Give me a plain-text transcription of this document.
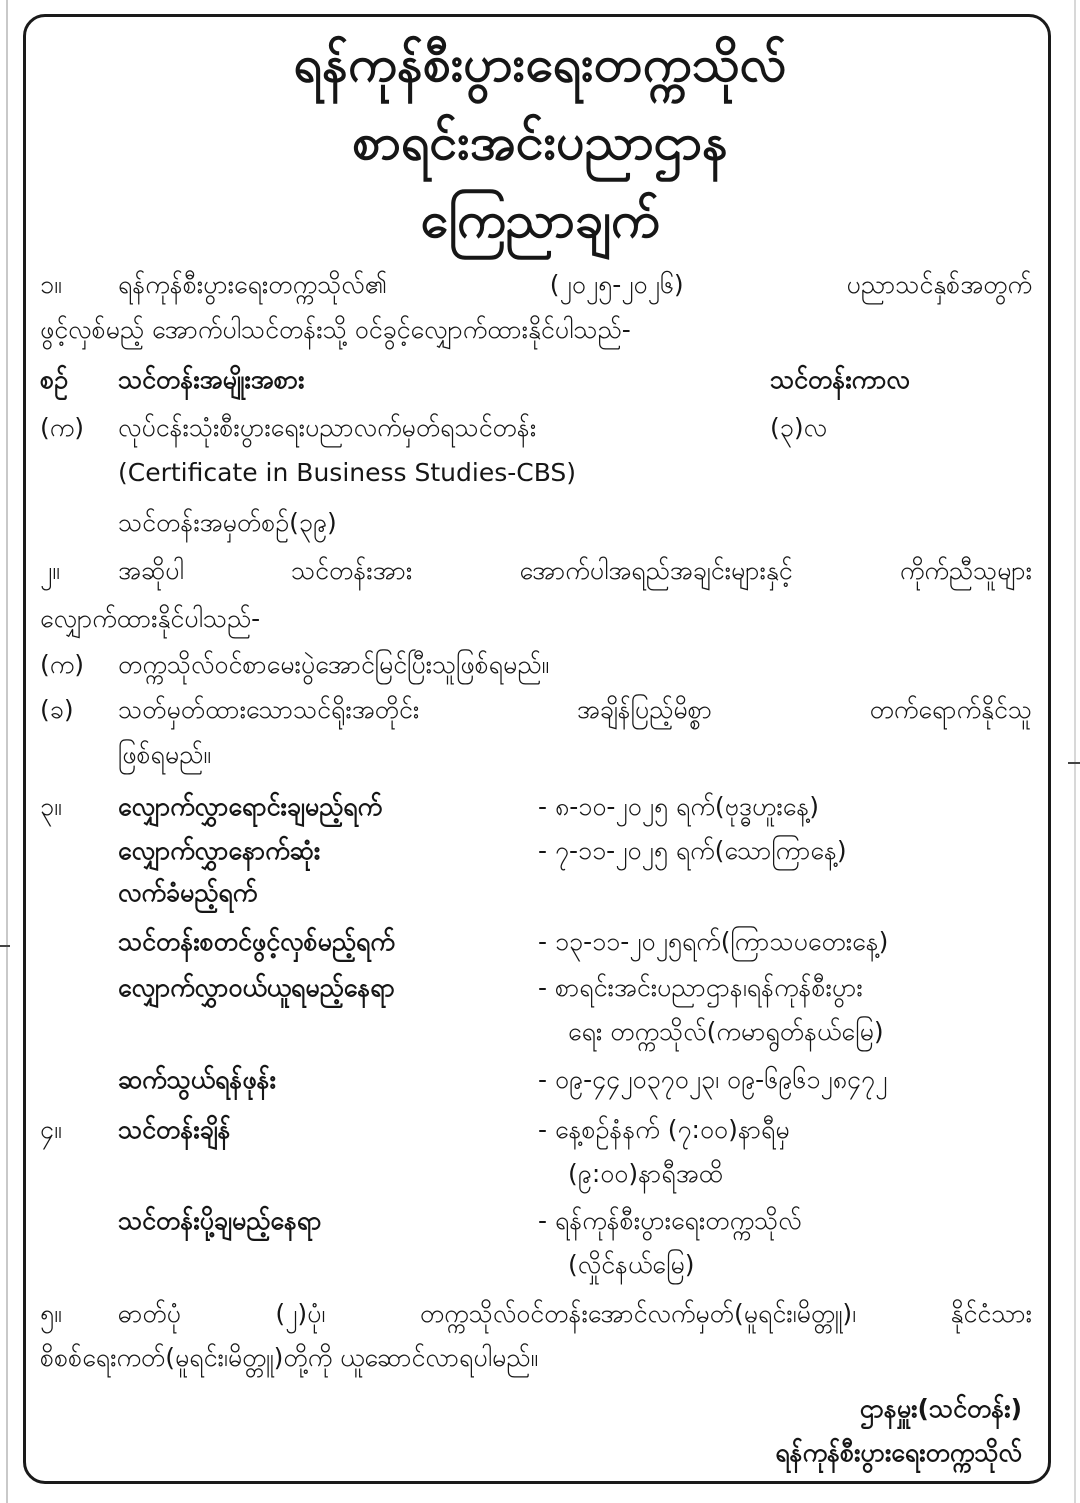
ရန်ကုန်စီးပွားရေးတက္ကသိုလ်
စာရင်းအင်းပညာဌာန
ကြေညာချက်
၁။ ရန်ကုန်စီးပွားရေးတက္ကသိုလ်၏ (၂၀၂၅-၂၀၂၆) ပညာသင်နှစ်အတွက်
ဖွင့်လှစ်မည့် အောက်ပါသင်တန်းသို့ ဝင်ခွင့်လျှောက်ထားနိုင်ပါသည်-
စဉ် သင်တန်းအမျိုးအစား	သင်တန်းကာလ
(က) လုပ်ငန်းသုံးစီးပွားရေးပညာလက်မှတ်ရသင်တန်း	(၃)လ
(Certificate in Business Studies-CBS)
သင်တန်းအမှတ်စဉ်(၃၉)
၂။ အဆိုပါ သင်တန်းအား အောက်ပါအရည်အချင်းများနှင့် ကိုက်ညီသူများ
လျှောက်ထားနိုင်ပါသည်-
(က) တက္ကသိုလ်ဝင်စာမေးပွဲအောင်မြင်ပြီးသူဖြစ်ရမည်။
(ခ) သတ်မှတ်ထားသောသင်ရိုးအတိုင်း အချိန်ပြည့်မိစ္စာ တက်ရောက်နိုင်သူ
ဖြစ်ရမည်။
၃။ လျှောက်လွှာရောင်းချမည့်ရက်	- ၈-၁၀-၂၀၂၅ ရက်(ဗုဒ္ဓဟူးနေ့)
လျှောက်လွှာနောက်ဆုံး	- ၇-၁၁-၂၀၂၅ ရက်(သောကြာနေ့)
လက်ခံမည့်ရက်
သင်တန်းစတင်ဖွင့်လှစ်မည့်ရက်	- ၁၃-၁၁-၂၀၂၅ရက်(ကြာသပတေးနေ့)
လျှောက်လွှာဝယ်ယူရမည့်နေရာ	- စာရင်းအင်းပညာဌာန၊ရန်ကုန်စီးပွား
ရေး တက္ကသိုလ်(ကမာရွတ်နယ်မြေ)
ဆက်သွယ်ရန်ဖုန်း	- ၀၉-၄၄၂၀၃၇၀၂၃၊ ၀၉-၆၉၆၁၂၈၄၇၂
၄။ သင်တန်းချိန်	- နေ့စဉ်နံနက် (၇:၀၀)နာရီမှ
(၉:၀၀)နာရီအထိ
သင်တန်းပို့ချမည့်နေရာ	- ရန်ကုန်စီးပွားရေးတက္ကသိုလ်
(လှိုင်နယ်မြေ)
၅။ ဓာတ်ပုံ (၂)ပုံ၊ တက္ကသိုလ်ဝင်တန်းအောင်လက်မှတ်(မူရင်း၊မိတ္တူ)၊ နိုင်ငံသား
စိစစ်ရေးကတ်(မူရင်း၊မိတ္တူ)တို့ကို ယူဆောင်လာရပါမည်။
ဌာနမှူး(သင်တန်း)
ရန်ကုန်စီးပွားရေးတက္ကသိုလ်
